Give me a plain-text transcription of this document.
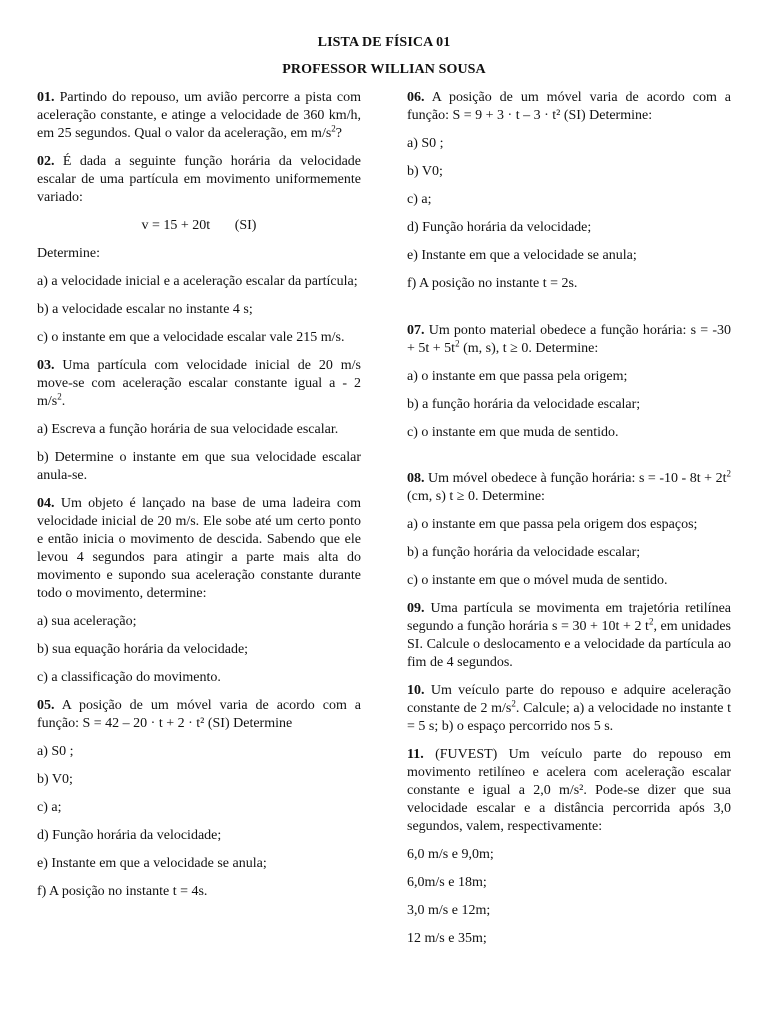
LISTA DE FÍSICA 01
PROFESSOR WILLIAN SOUSA

01. Partindo do repouso, um avião percorre a pista com aceleração constante, e atinge a velocidade de 360 km/h, em 25 segundos. Qual o valor da aceleração, em $m/s^2$?

02. É dada a seguinte função horária da velocidade escalar de uma partícula em movimento uniformemente variado:

v = 15 + 20t       (SI)

Determine:

a) a velocidade inicial e a aceleração escalar da partícula;

b) a velocidade escalar no instante 4 s;

c) o instante em que a velocidade escalar vale 215 m/s.

03. Uma partícula com velocidade inicial de 20 m/s move-se com aceleração escalar constante igual a - 2 $m/s^2$.

a) Escreva a função horária de sua velocidade escalar.

b) Determine o instante em que sua velocidade escalar anula-se.

04. Um objeto é lançado na base de uma ladeira com velocidade inicial de 20 m/s. Ele sobe até um certo ponto e então inicia o movimento de descida. Sabendo que ele levou 4 segundos para atingir a parte mais alta do movimento e supondo sua aceleração constante durante todo o movimento, determine:

a) sua aceleração;

b) sua equação horária da velocidade;

c) a classificação do movimento.

05. A posição de um móvel varia de acordo com a função: S = 42 – 20 · t + 2 · t² (SI) Determine

a) S0 ;

b) V0;

c) a;

d) Função horária da velocidade;

e) Instante em que a velocidade se anula;

f) A posição no instante t = 4s.

06. A posição de um móvel varia de acordo com a função: S = 9 + 3 · t – 3 · t² (SI) Determine:

a) S0 ;

b) V0;

c) a;

d) Função horária da velocidade;

e) Instante em que a velocidade se anula;

f) A posição no instante t = 2s.

07. Um ponto material obedece a função horária: $s = -30 + 5t + 5t^2$ (m, s), t ≥ 0. Determine:

a) o instante em que passa pela origem;

b) a função horária da velocidade escalar;

c) o instante em que muda de sentido.

08. Um móvel obedece à função horária: $s = -10 - 8t + 2t^2$ (cm, s) t ≥ 0. Determine:

a) o instante em que passa pela origem dos espaços;

b) a função horária da velocidade escalar;

c) o instante em que o móvel muda de sentido.

09. Uma partícula se movimenta em trajetória retilínea segundo a função horária s = 30 + 10t + 2 $t^2$, em unidades SI. Calcule o deslocamento e a velocidade da partícula ao fim de 4 segundos.

10. Um veículo parte do repouso e adquire aceleração constante de 2 $m/s^2$. Calcule; a) a velocidade no instante t = 5 s; b) o espaço percorrido nos 5 s.

11. (FUVEST) Um veículo parte do repouso em movimento retilíneo e acelera com aceleração escalar constante e igual a 2,0 m/s². Pode-se dizer que sua velocidade escalar e a distância percorrida após 3,0 segundos, valem, respectivamente:

6,0 m/s e 9,0m;

6,0m/s e 18m;

3,0 m/s e 12m;

12 m/s e 35m;
